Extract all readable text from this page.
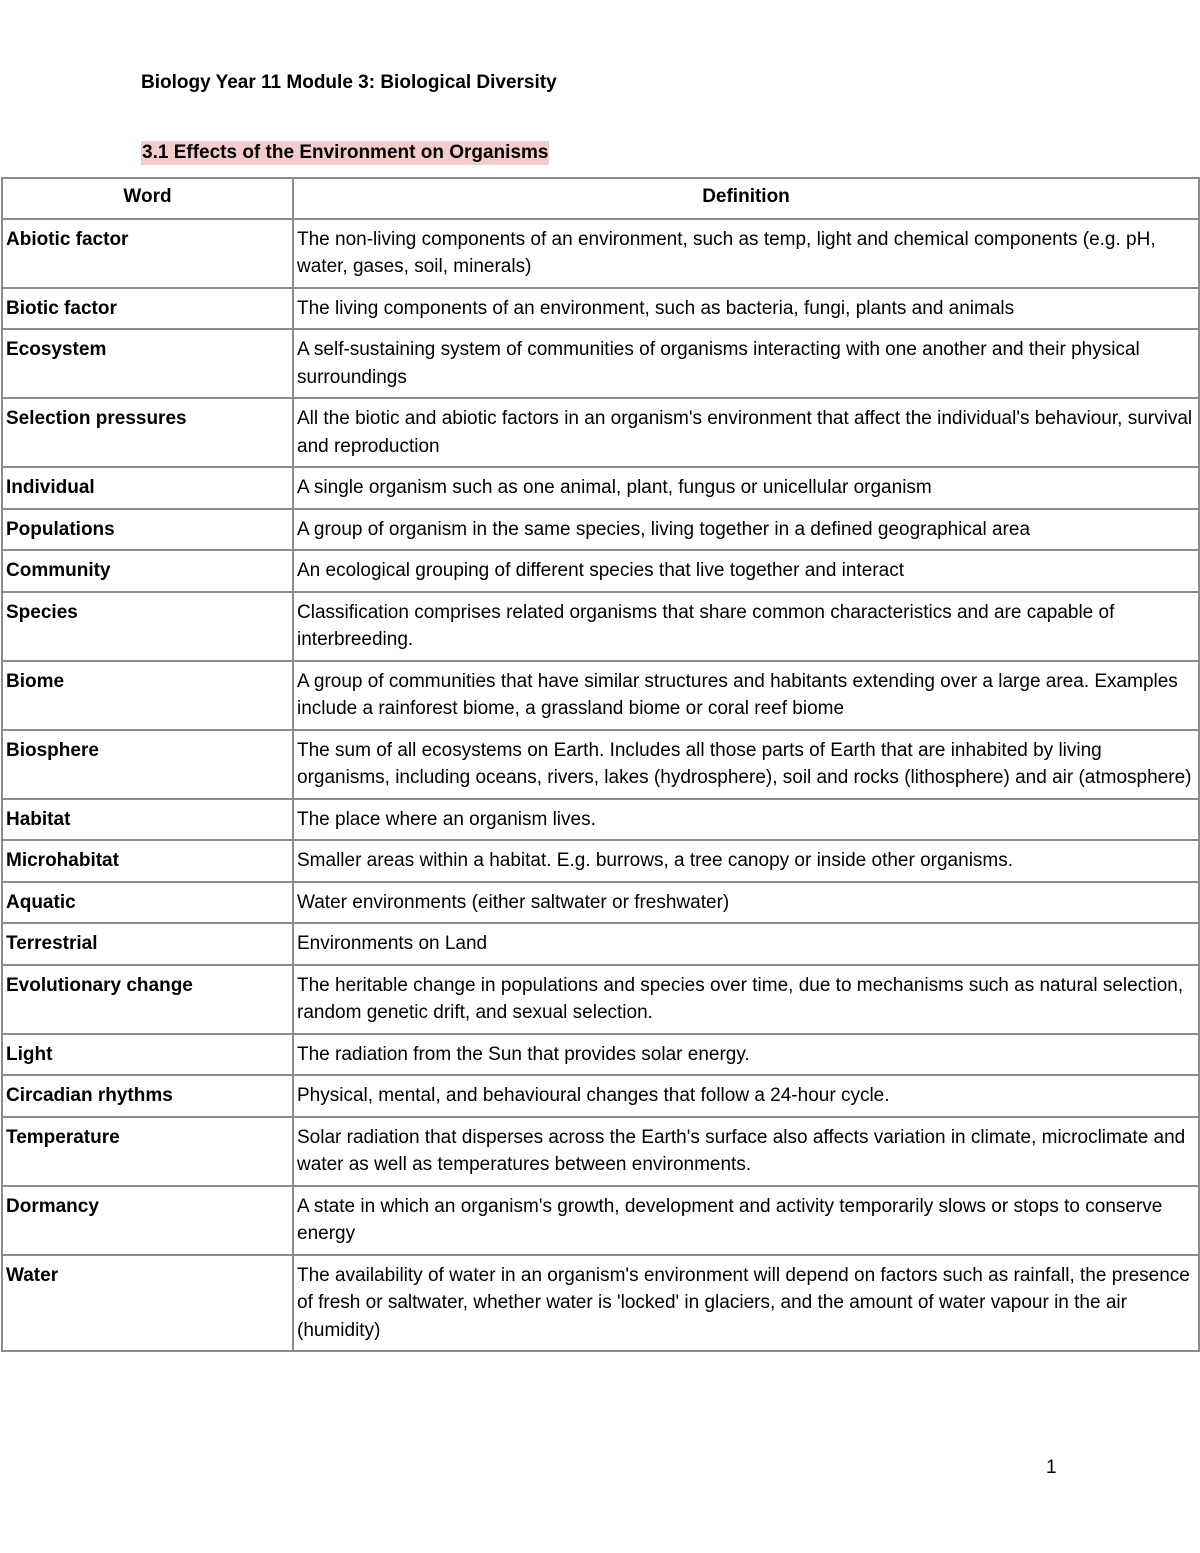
Biology Year 11 Module 3: Biological Diversity
3.1 Effects of the Environment on Organisms
Word	Definition
Abiotic factor	The non-living components of an environment, such as temp, light and chemical components (e.g. pH, water, gases, soil, minerals)
Biotic factor	The living components of an environment, such as bacteria, fungi, plants and animals
Ecosystem	A self-sustaining system of communities of organisms interacting with one another and their physical surroundings
Selection pressures	All the biotic and abiotic factors in an organism's environment that affect the individual's behaviour, survival and reproduction
Individual	A single organism such as one animal, plant, fungus or unicellular organism
Populations	A group of organism in the same species, living together in a defined geographical area
Community	An ecological grouping of different species that live together and interact
Species	Classification comprises related organisms that share common characteristics and are capable of interbreeding.
Biome	A group of communities that have similar structures and habitants extending over a large area. Examples include a rainforest biome, a grassland biome or coral reef biome
Biosphere	The sum of all ecosystems on Earth. Includes all those parts of Earth that are inhabited by living organisms, including oceans, rivers, lakes (hydrosphere), soil and rocks (lithosphere) and air (atmosphere)
Habitat	The place where an organism lives.
Microhabitat	Smaller areas within a habitat. E.g. burrows, a tree canopy or inside other organisms.
Aquatic	Water environments (either saltwater or freshwater)
Terrestrial	Environments on Land
Evolutionary change	The heritable change in populations and species over time, due to mechanisms such as natural selection, random genetic drift, and sexual selection.
Light	The radiation from the Sun that provides solar energy.
Circadian rhythms	Physical, mental, and behavioural changes that follow a 24-hour cycle.
Temperature	Solar radiation that disperses across the Earth's surface also affects variation in climate, microclimate and water as well as temperatures between environments.
Dormancy	A state in which an organism's growth, development and activity temporarily slows or stops to conserve energy
Water	The availability of water in an organism's environment will depend on factors such as rainfall, the presence of fresh or saltwater, whether water is 'locked' in glaciers, and the amount of water vapour in the air (humidity)
1
